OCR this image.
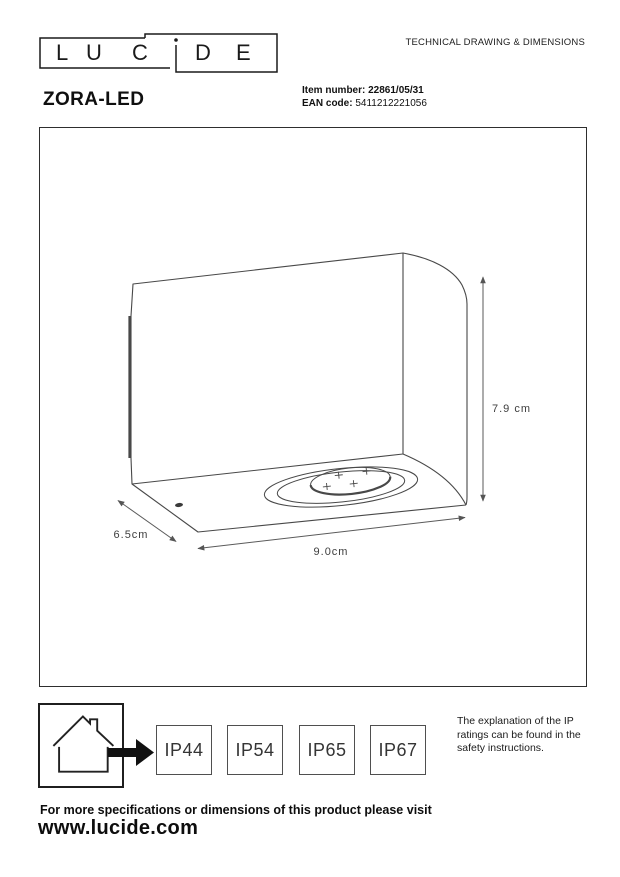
L U C D E	TECHNICAL DRAWING & DIMENSIONS
ZORA-LED	Item number: 22861/05/31
EAN code: 5411212221056
7.9 cm
9.0cm
6.5cm
IP44 IP54 IP65 IP67
The explanation of the IP ratings can be found in the safety instructions.
For more specifications or dimensions of this product please visit
www.lucide.com
